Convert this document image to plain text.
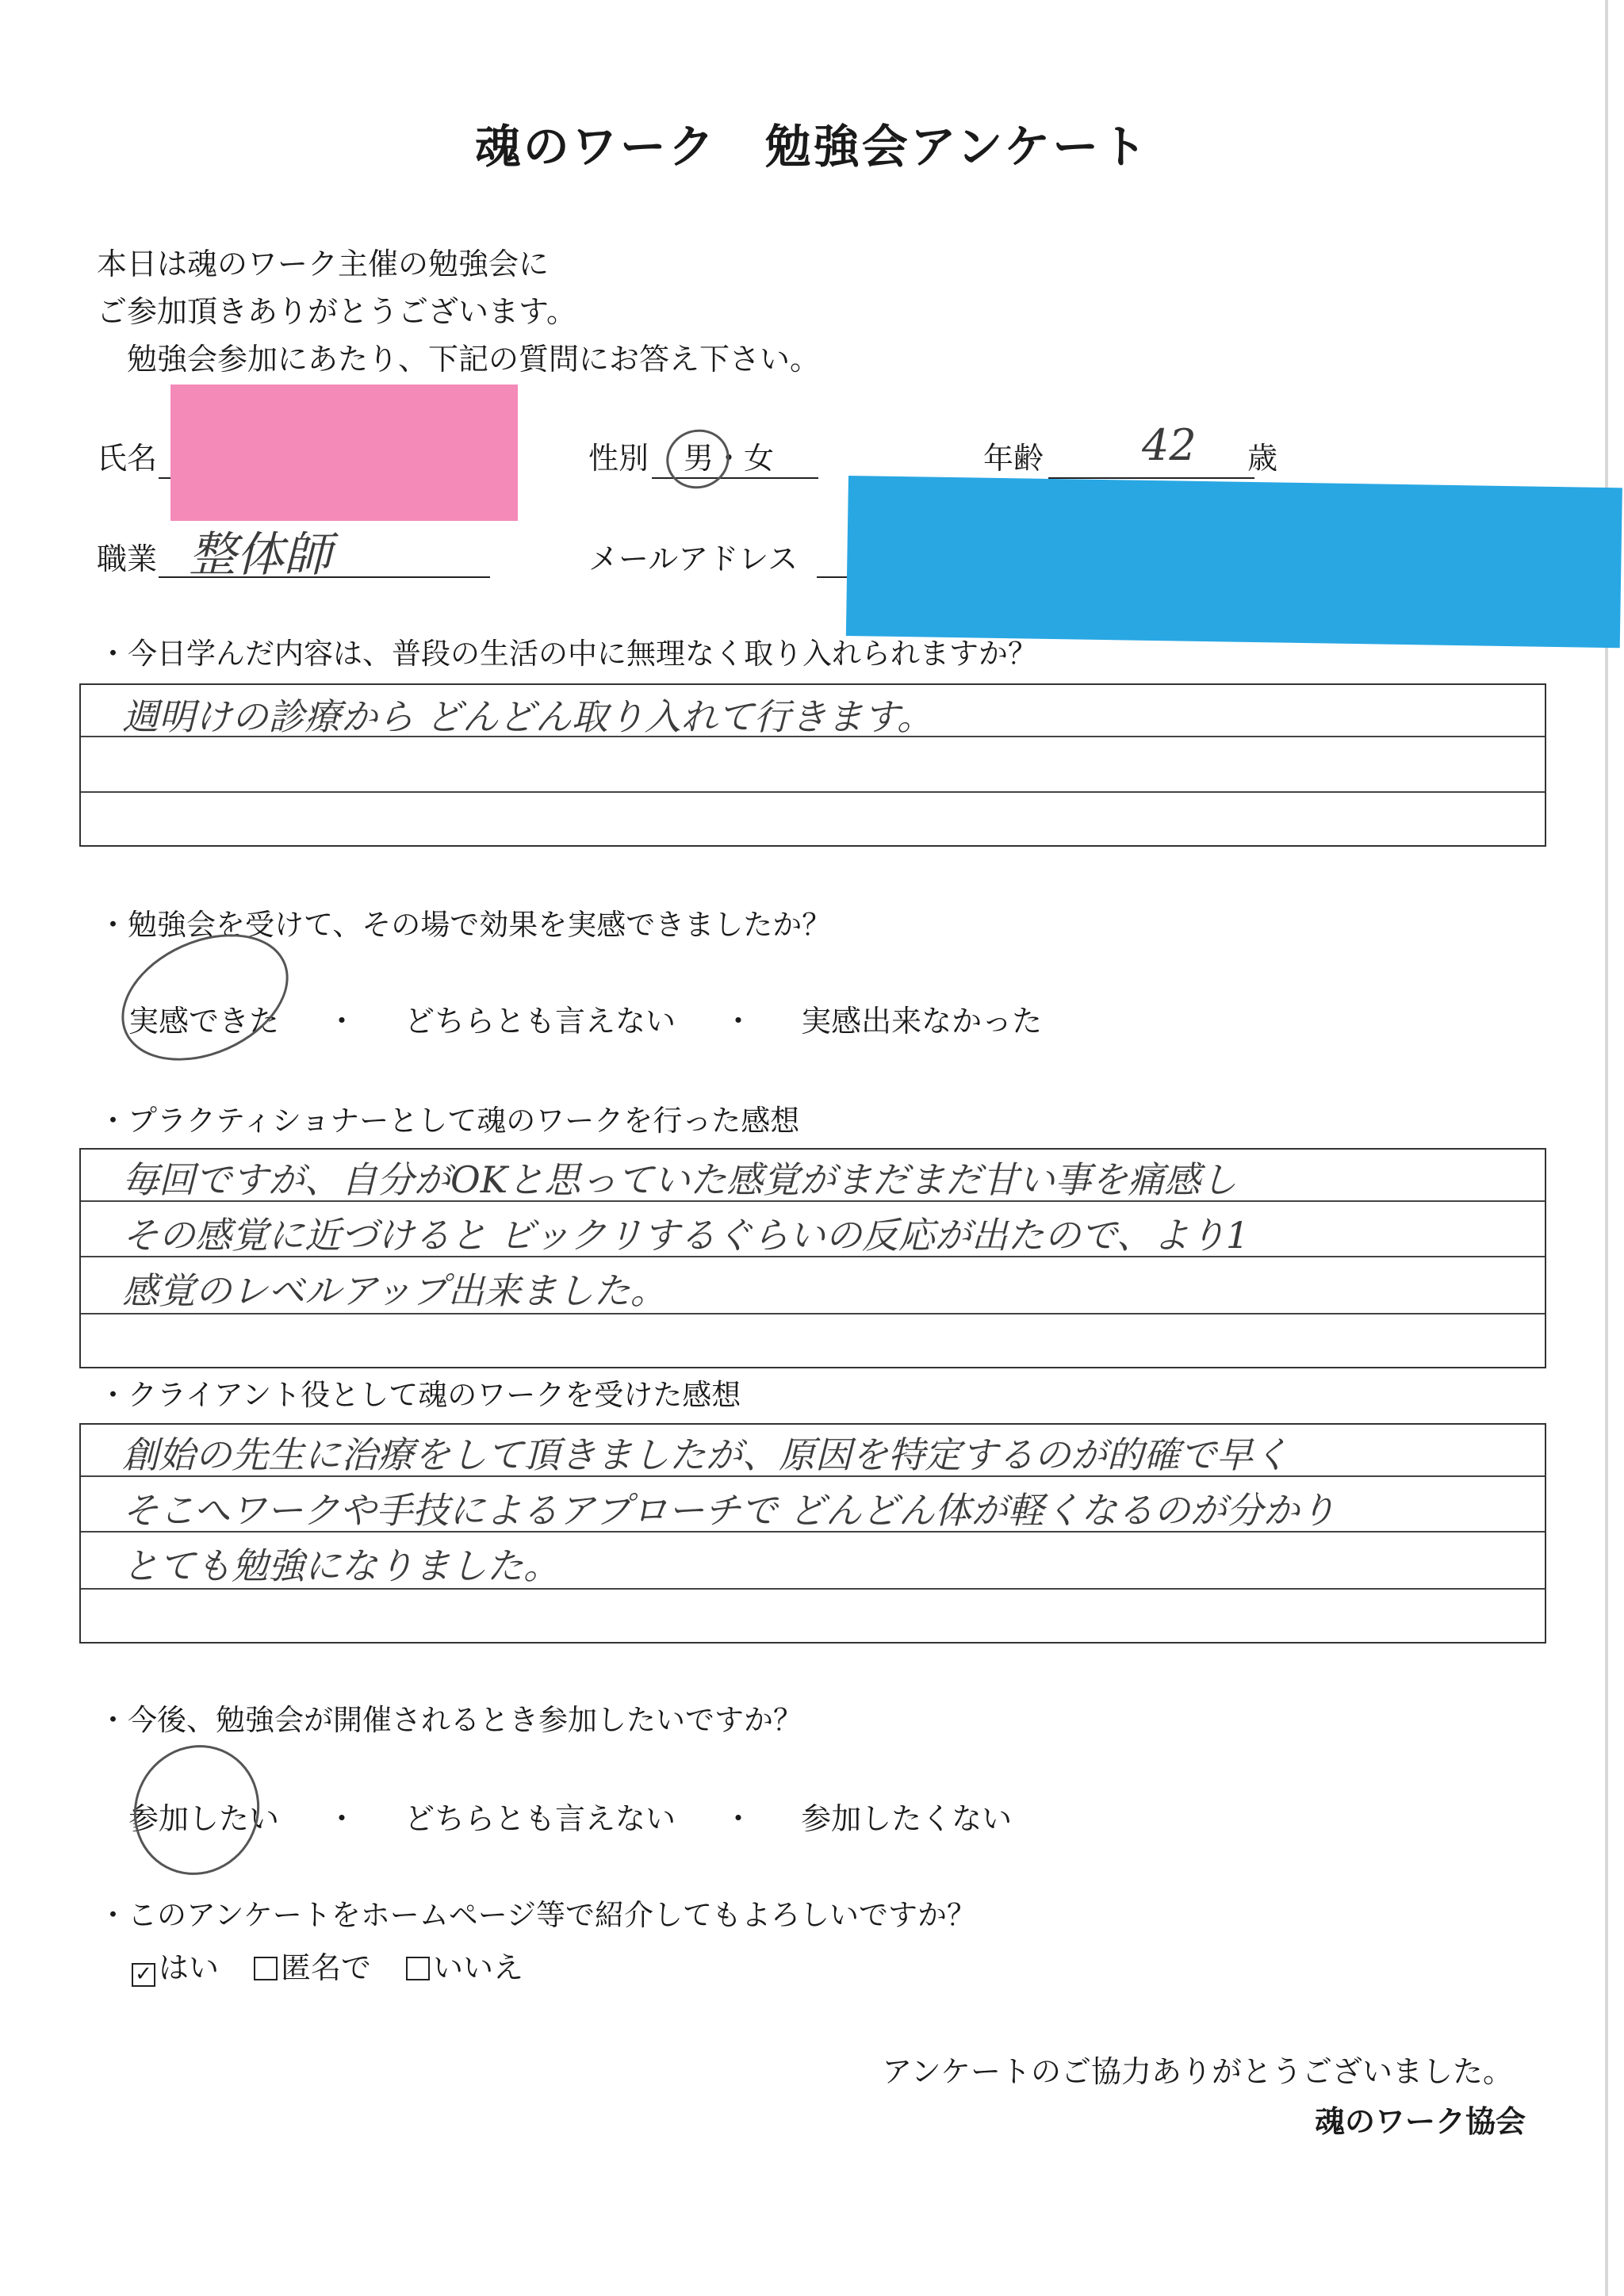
魂のワーク　勉強会アンケート
本日は魂のワーク主催の勉強会に
ご参加頂きありがとうございます。
　勉強会参加にあたり、下記の質問にお答え下さい。
氏名	性別 男・女	年齢 42 歳
職業 整体師	メールアドレス
・今日学んだ内容は、普段の生活の中に無理なく取り入れられますか？
週明けの診療から どんどん取り入れて行きます。
・勉強会を受けて、その場で効果を実感できましたか？
実感できた ・ どちらとも言えない ・ 実感出来なかった
・プラクティショナーとして魂のワークを行った感想
毎回ですが、自分がOKと思っていた感覚がまだまだ甘い事を痛感し
その感覚に近づけると ビックリするぐらいの反応が出たので、より1
感覚のレベルアップ出来ました。
・クライアント役として魂のワークを受けた感想
創始の先生に治療をして頂きましたが、原因を特定するのが的確で早く
そこへワークや手技によるアプローチで どんどん体が軽くなるのが分かり
とても勉強になりました。
・今後、勉強会が開催されるとき参加したいですか？
参加したい ・ どちらとも言えない ・ 参加したくない
・このアンケートをホームページ等で紹介してもよろしいですか？
✓ はい 匿名で いいえ
アンケートのご協力ありがとうございました。
魂のワーク協会
